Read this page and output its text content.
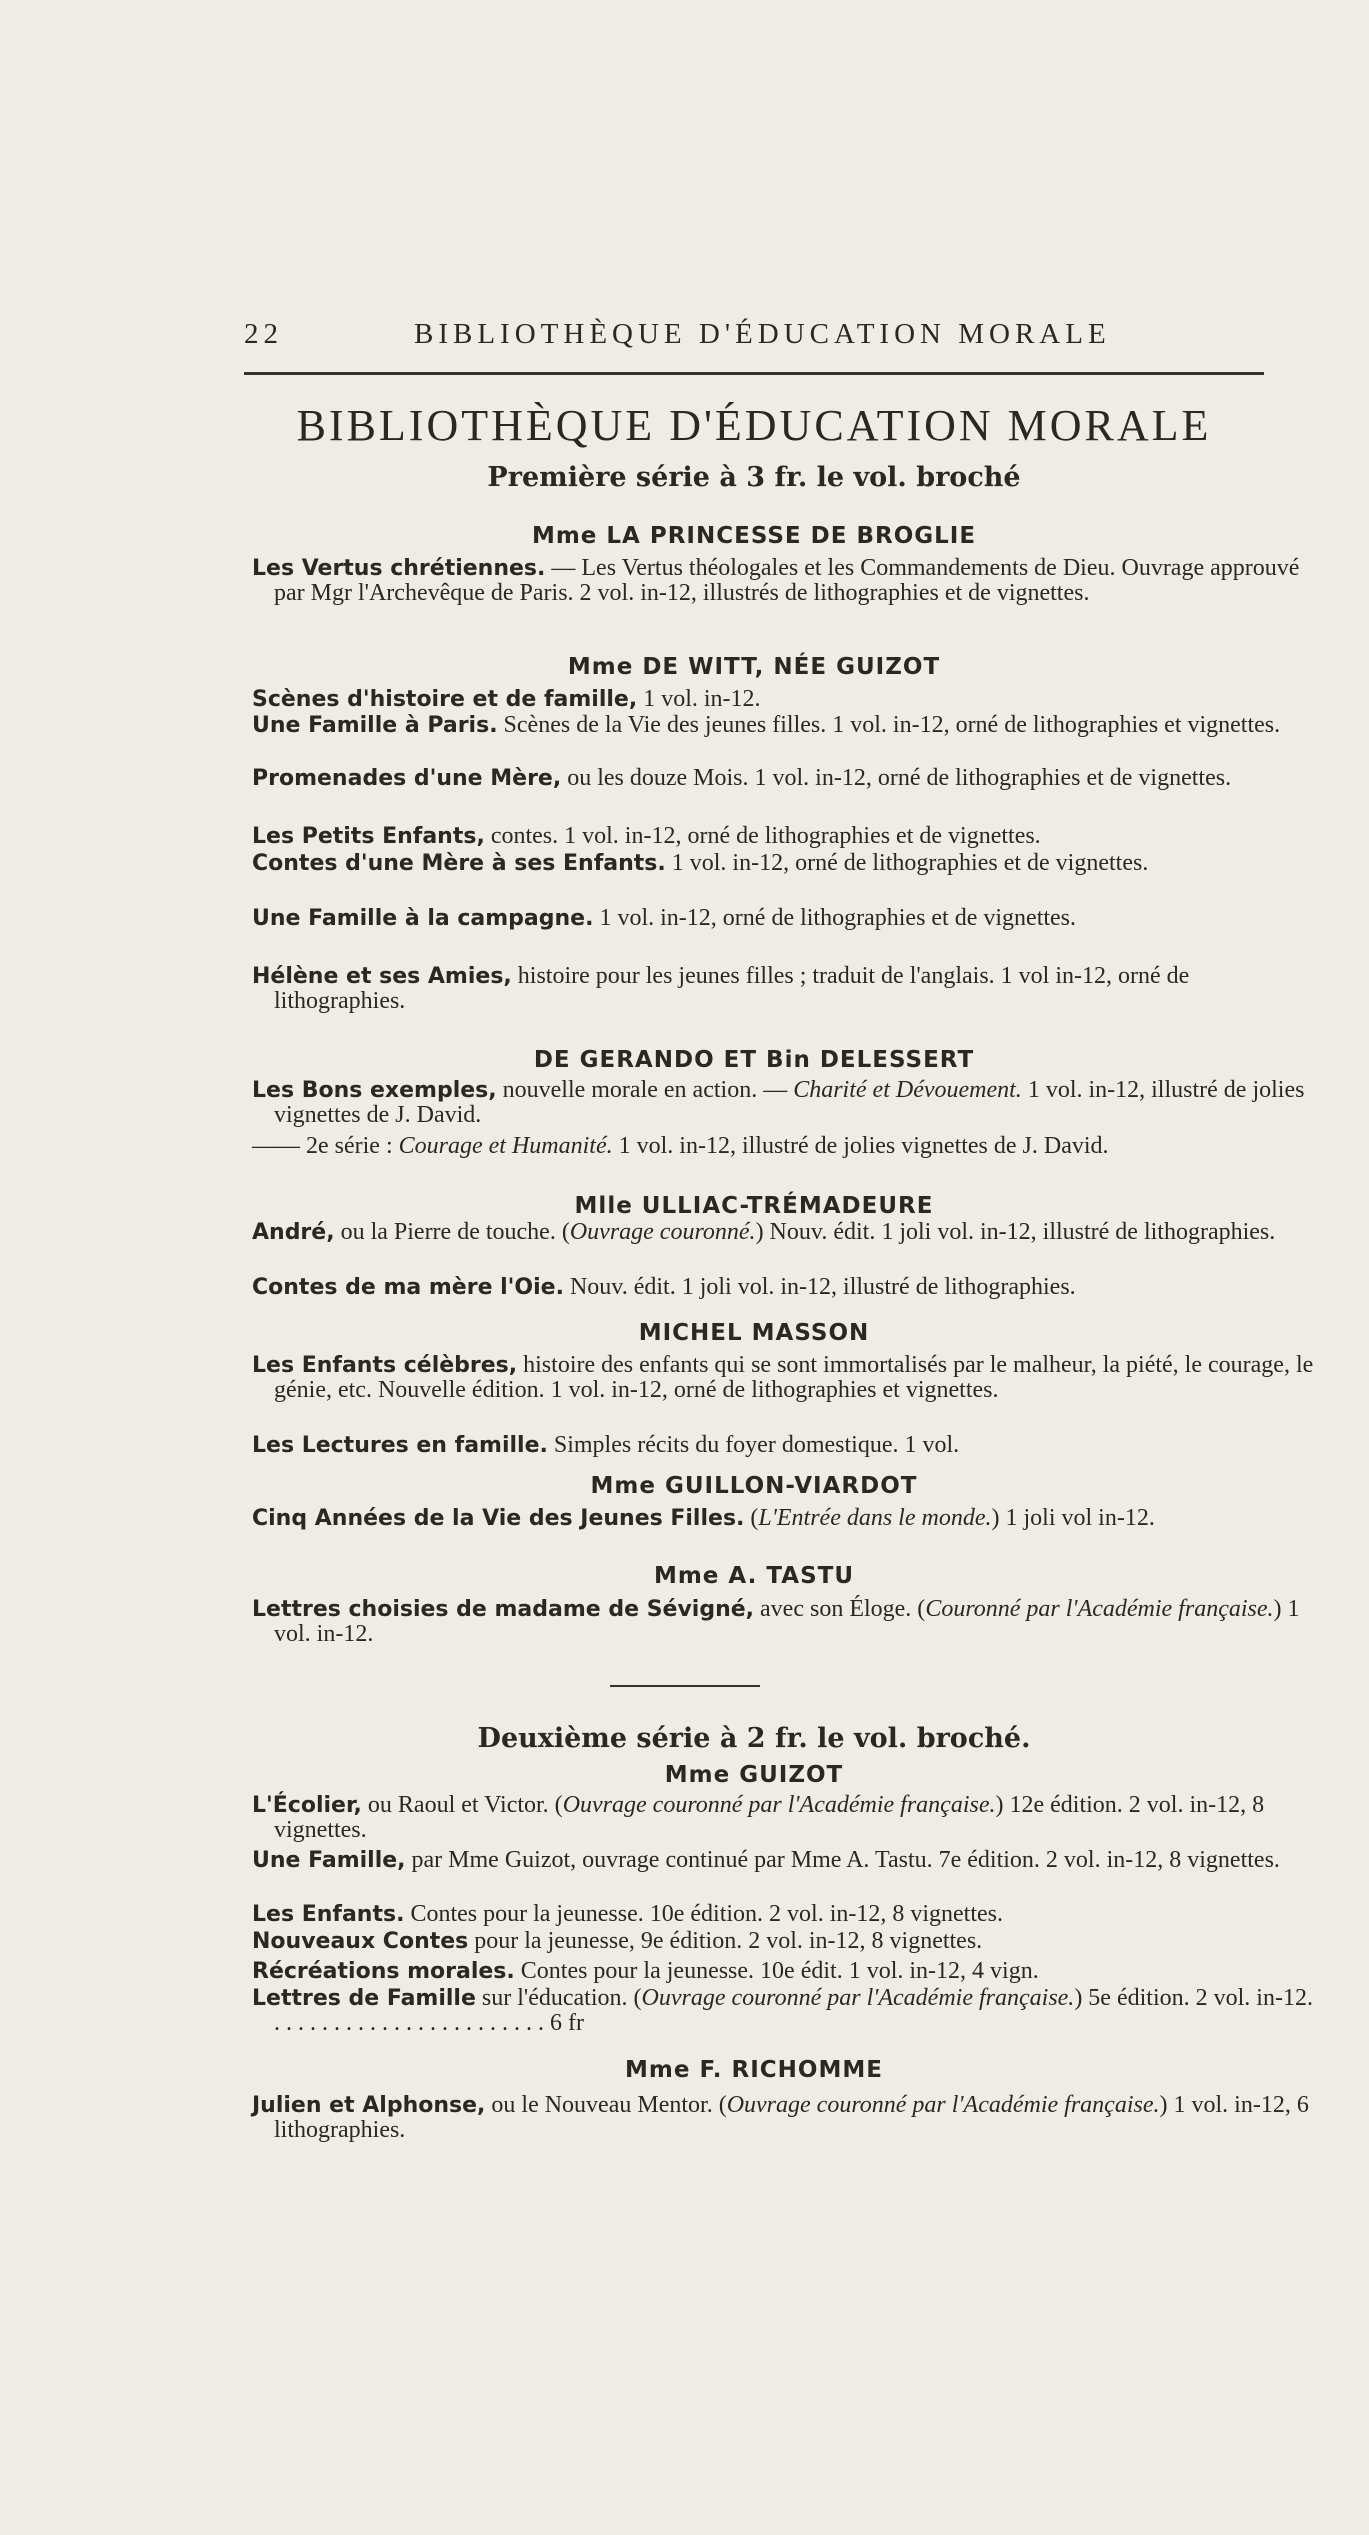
22	BIBLIOTHÈQUE D'ÉDUCATION MORALE
BIBLIOTHÈQUE D'ÉDUCATION MORALE
Première série à 3 fr. le vol. broché
Mme LA PRINCESSE DE BROGLIE
Les Vertus chrétiennes. — Les Vertus théologales et les Commandements de Dieu. Ouvrage approuvé par Mgr l'Archevêque de Paris. 2 vol. in-12, illustrés de lithographies et de vignettes.
Mme DE WITT, NÉE GUIZOT
Scènes d'histoire et de famille, 1 vol. in-12.
Une Famille à Paris. Scènes de la Vie des jeunes filles. 1 vol. in-12, orné de lithographies et vignettes.
Promenades d'une Mère, ou les douze Mois. 1 vol. in-12, orné de lithographies et de vignettes.
Les Petits Enfants, contes. 1 vol. in-12, orné de lithographies et de vignettes.
Contes d'une Mère à ses Enfants. 1 vol. in-12, orné de lithographies et de vignettes.
Une Famille à la campagne. 1 vol. in-12, orné de lithographies et de vignettes.
Hélène et ses Amies, histoire pour les jeunes filles ; traduit de l'anglais. 1 vol in-12, orné de lithographies.
DE GERANDO ET Bin DELESSERT
Les Bons exemples, nouvelle morale en action. — Charité et Dévouement. 1 vol. in-12, illustré de jolies vignettes de J. David.
—— 2e série : Courage et Humanité. 1 vol. in-12, illustré de jolies vignettes de J. David.
Mlle ULLIAC-TRÉMADEURE
André, ou la Pierre de touche. (Ouvrage couronné.) Nouv. édit. 1 joli vol. in-12, illustré de lithographies.
Contes de ma mère l'Oie. Nouv. édit. 1 joli vol. in-12, illustré de lithographies.
MICHEL MASSON
Les Enfants célèbres, histoire des enfants qui se sont immortalisés par le malheur, la piété, le courage, le génie, etc. Nouvelle édition. 1 vol. in-12, orné de lithographies et vignettes.
Les Lectures en famille. Simples récits du foyer domestique. 1 vol.
Mme GUILLON-VIARDOT
Cinq Années de la Vie des Jeunes Filles. (L'Entrée dans le monde.) 1 joli vol in-12.
Mme A. TASTU
Lettres choisies de madame de Sévigné, avec son Éloge. (Couronné par l'Académie française.) 1 vol. in-12.
Deuxième série à 2 fr. le vol. broché.
Mme GUIZOT
L'Écolier, ou Raoul et Victor. (Ouvrage couronné par l'Académie française.) 12e édition. 2 vol. in-12, 8 vignettes.
Une Famille, par Mme Guizot, ouvrage continué par Mme A. Tastu. 7e édition. 2 vol. in-12, 8 vignettes.
Les Enfants. Contes pour la jeunesse. 10e édition. 2 vol. in-12, 8 vignettes.
Nouveaux Contes pour la jeunesse, 9e édition. 2 vol. in-12, 8 vignettes.
Récréations morales. Contes pour la jeunesse. 10e édit. 1 vol. in-12, 4 vign.
Lettres de Famille sur l'éducation. (Ouvrage couronné par l'Académie française.) 5e édition. 2 vol. in-12. . . . . . . . . . . . . . . . . . . . . . . . 6 fr
Mme F. RICHOMME
Julien et Alphonse, ou le Nouveau Mentor. (Ouvrage couronné par l'Académie française.) 1 vol. in-12, 6 lithographies.
